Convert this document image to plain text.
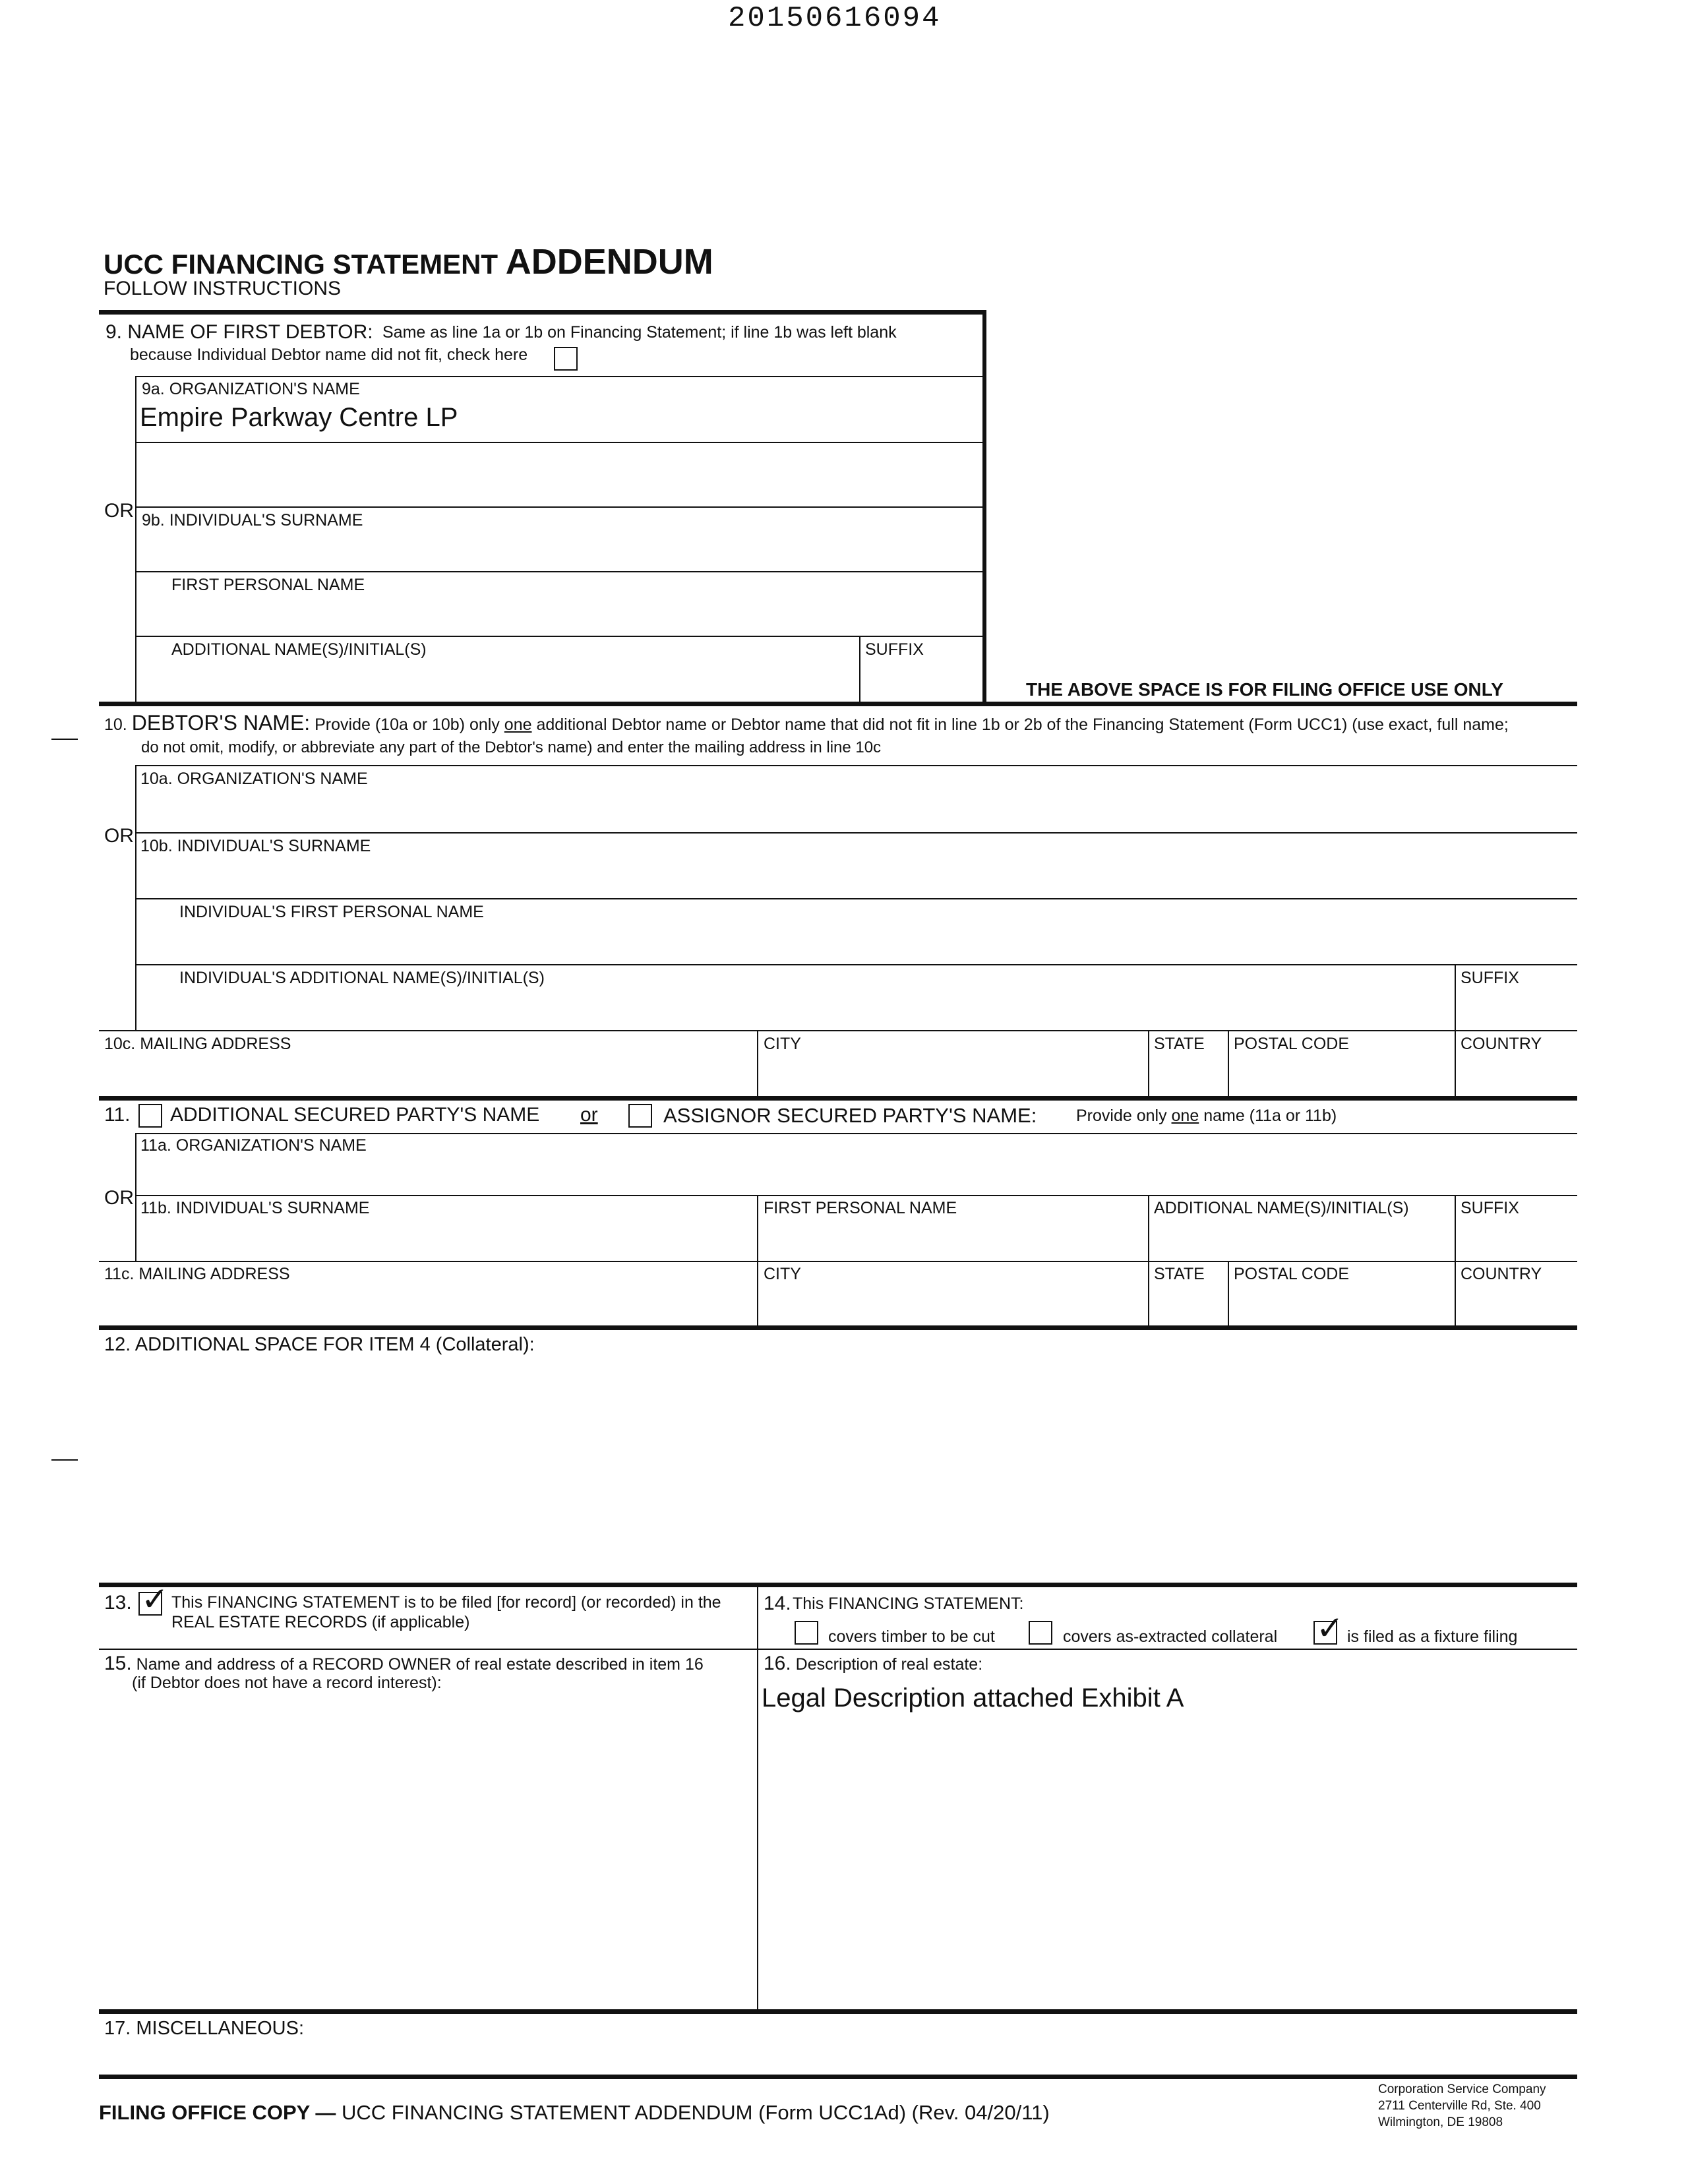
20150616094
UCC FINANCING STATEMENT ADDENDUM
FOLLOW INSTRUCTIONS
9. NAME OF FIRST DEBTOR: Same as line 1a or 1b on Financing Statement; if line 1b was left blank
because Individual Debtor name did not fit, check here
9a. ORGANIZATION'S NAME
Empire Parkway Centre LP
OR 9b. INDIVIDUAL'S SURNAME
FIRST PERSONAL NAME
ADDITIONAL NAME(S)/INITIAL(S)	SUFFIX
THE ABOVE SPACE IS FOR FILING OFFICE USE ONLY
10. DEBTOR'S NAME: Provide (10a or 10b) only one additional Debtor name or Debtor name that did not fit in line 1b or 2b of the Financing Statement (Form UCC1) (use exact, full name;
do not omit, modify, or abbreviate any part of the Debtor's name) and enter the mailing address in line 10c
10a. ORGANIZATION'S NAME
OR 10b. INDIVIDUAL'S SURNAME
INDIVIDUAL'S FIRST PERSONAL NAME
INDIVIDUAL'S ADDITIONAL NAME(S)/INITIAL(S)	SUFFIX
10c. MAILING ADDRESS	CITY	STATE POSTAL CODE	COUNTRY
11. ADDITIONAL SECURED PARTY'S NAME or	ASSIGNOR SECURED PARTY'S NAME: Provide only one name (11a or 11b)
11a. ORGANIZATION'S NAME
OR 11b. INDIVIDUAL'S SURNAME	FIRST PERSONAL NAME	ADDITIONAL NAME(S)/INITIAL(S)	SUFFIX
11c. MAILING ADDRESS	CITY	STATE POSTAL CODE	COUNTRY
12. ADDITIONAL SPACE FOR ITEM 4 (Collateral):
13. ✓ This FINANCING STATEMENT is to be filed [for record] (or recorded) in the
REAL ESTATE RECORDS (if applicable)
14. This FINANCING STATEMENT:
covers timber to be cut	covers as-extracted collateral ✓ is filed as a fixture filing
15. Name and address of a RECORD OWNER of real estate described in item 16
(if Debtor does not have a record interest):
16. Description of real estate:
Legal Description attached Exhibit A
17. MISCELLANEOUS:
FILING OFFICE COPY — UCC FINANCING STATEMENT ADDENDUM (Form UCC1Ad) (Rev. 04/20/11)
Corporation Service Company
2711 Centerville Rd, Ste. 400
Wilmington, DE 19808
